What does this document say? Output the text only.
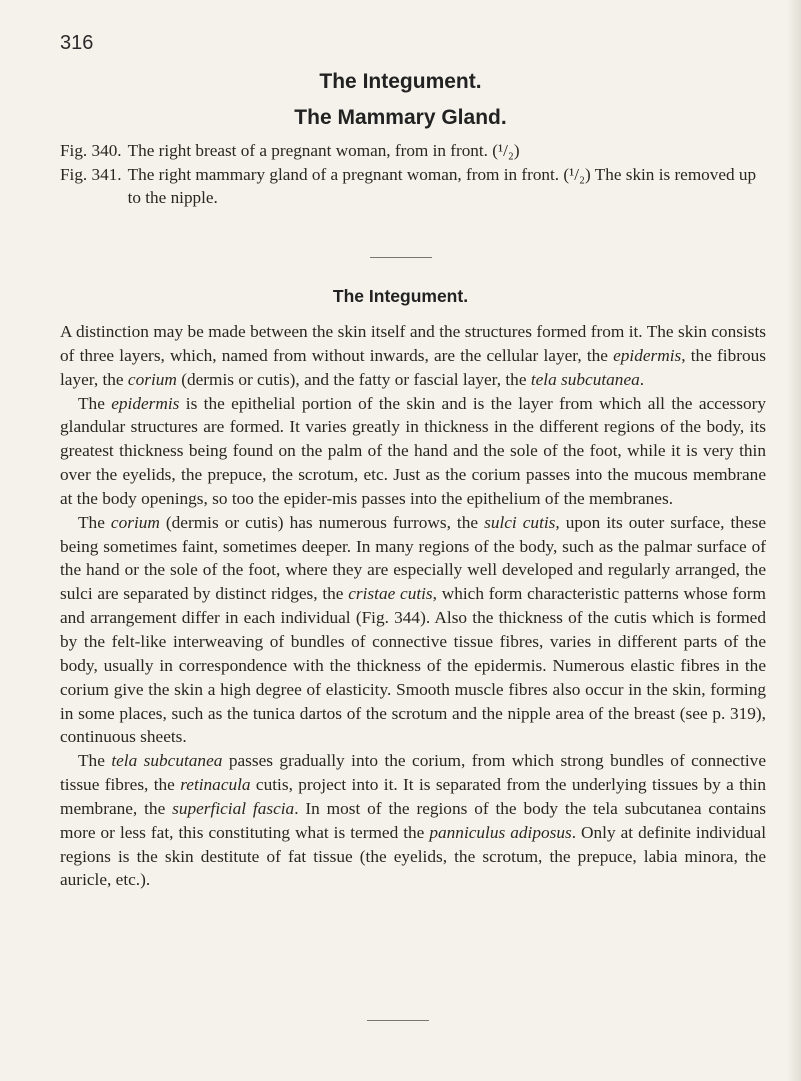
316
The Integument.
The Mammary Gland.
Fig. 340. The right breast of a pregnant woman, from in front. (¹/₂)
Fig. 341. The right mammary gland of a pregnant woman, from in front. (¹/₂) The skin is removed up to the nipple.
The Integument.

A distinction may be made between the skin itself and the structures formed from it. The skin consists of three layers, which, named from without inwards, are the cellular layer, the epidermis, the fibrous layer, the corium (dermis or cutis), and the fatty or fascial layer, the tela subcutanea.

The epidermis is the epithelial portion of the skin and is the layer from which all the accessory glandular structures are formed. It varies greatly in thickness in the different regions of the body, its greatest thickness being found on the palm of the hand and the sole of the foot, while it is very thin over the eyelids, the prepuce, the scrotum, etc. Just as the corium passes into the mucous membrane at the body openings, so too the epider-mis passes into the epithelium of the membranes.

The corium (dermis or cutis) has numerous furrows, the sulci cutis, upon its outer surface, these being sometimes faint, sometimes deeper. In many regions of the body, such as the palmar surface of the hand or the sole of the foot, where they are especially well developed and regularly arranged, the sulci are separated by distinct ridges, the cristae cutis, which form characteristic patterns whose form and arrangement differ in each individual (Fig. 344). Also the thickness of the cutis which is formed by the felt-like interweaving of bundles of connective tissue fibres, varies in different parts of the body, usually in correspondence with the thickness of the epidermis. Numerous elastic fibres in the corium give the skin a high degree of elasticity. Smooth muscle fibres also occur in the skin, forming in some places, such as the tunica dartos of the scrotum and the nipple area of the breast (see p. 319), continuous sheets.

The tela subcutanea passes gradually into the corium, from which strong bundles of connective tissue fibres, the retinacula cutis, project into it. It is separated from the underlying tissues by a thin membrane, the superficial fascia. In most of the regions of the body the tela subcutanea contains more or less fat, this constituting what is termed the panniculus adiposus. Only at definite individual regions is the skin destitute of fat tissue (the eyelids, the scrotum, the prepuce, labia minora, the auricle, etc.).
